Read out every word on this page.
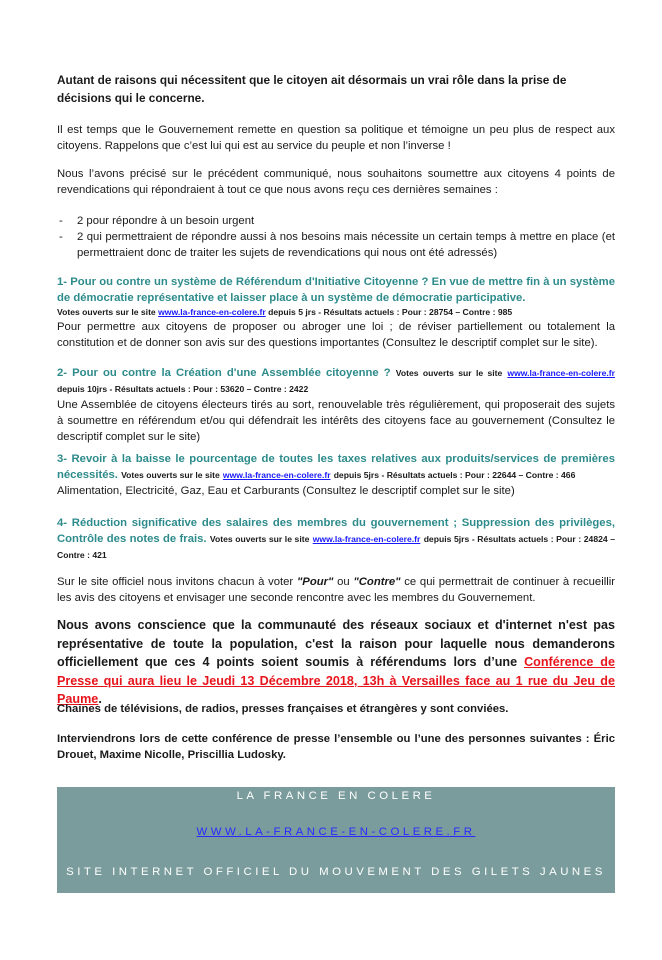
Autant de raisons qui nécessitent que le citoyen ait désormais un vrai rôle dans la prise de décisions qui le concerne.

Il est temps que le Gouvernement remette en question sa politique et témoigne un peu plus de respect aux citoyens. Rappelons que c’est lui qui est au service du peuple et non l’inverse !

Nous l’avons précisé sur le précédent communiqué, nous souhaitons soumettre aux citoyens 4 points de revendications qui répondraient à tout ce que nous avons reçu ces dernières semaines :

- 2 pour répondre à un besoin urgent
- 2 qui permettraient de répondre aussi à nos besoins mais nécessite un certain temps à mettre en place (et permettraient donc de traiter les sujets de revendications qui nous ont été adressés)

1- Pour ou contre un système de Référendum d'Initiative Citoyenne ? En vue de mettre fin à un système de démocratie représentative et laisser place à un système de démocratie participative.

Votes ouverts sur le site www.la-france-en-colere.fr depuis 5 jrs - Résultats actuels : Pour : 28754 – Contre : 985

Pour permettre aux citoyens de proposer ou abroger une loi ; de réviser partiellement ou totalement la constitution et de donner son avis sur des questions importantes (Consultez le descriptif complet sur le site).

2- Pour ou contre la Création d'une Assemblée citoyenne ? Votes ouverts sur le site www.la-france-en-colere.fr depuis 10jrs - Résultats actuels : Pour : 53620 – Contre : 2422

Une Assemblée de citoyens électeurs tirés au sort, renouvelable très régulièrement, qui proposerait des sujets à soumettre en référendum et/ou qui défendrait les intérêts des citoyens face au gouvernement (Consultez le descriptif complet sur le site)

3- Revoir à la baisse le pourcentage de toutes les taxes relatives aux produits/services de premières nécessités. Votes ouverts sur le site www.la-france-en-colere.fr depuis 5jrs - Résultats actuels : Pour : 22644 – Contre : 466

Alimentation, Electricité, Gaz, Eau et Carburants (Consultez le descriptif complet sur le site)

4- Réduction significative des salaires des membres du gouvernement ; Suppression des privilèges, Contrôle des notes de frais. Votes ouverts sur le site www.la-france-en-colere.fr depuis 5jrs - Résultats actuels : Pour : 24824 – Contre : 421

Sur le site officiel nous invitons chacun à voter "Pour" ou "Contre" ce qui permettrait de continuer à recueillir les avis des citoyens et envisager une seconde rencontre avec les membres du Gouvernement.

Nous avons conscience que la communauté des réseaux sociaux et d'internet n'est pas représentative de toute la population, c'est la raison pour laquelle nous demanderons officiellement que ces 4 points soient soumis à référendums lors d’une Conférence de Presse qui aura lieu le Jeudi 13 Décembre 2018, 13h à Versailles face au 1 rue du Jeu de Paume.

Chaines de télévisions, de radios, presses françaises et étrangères y sont conviées.

Interviendrons lors de cette conférence de presse l’ensemble ou l’une des personnes suivantes : Éric Drouet, Maxime Nicolle, Priscillia Ludosky.

LA FRANCE EN COLERE
WWW.LA-FRANCE-EN-COLERE.FR
SITE INTERNET OFFICIEL DU MOUVEMENT DES GILETS JAUNES
